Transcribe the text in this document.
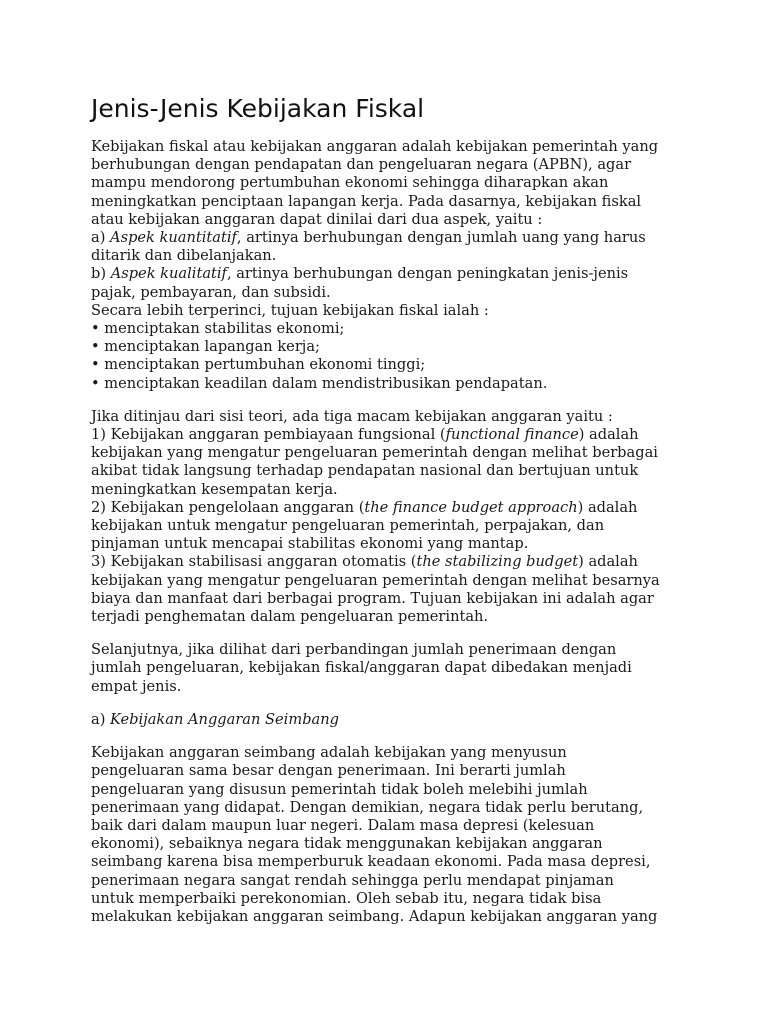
Jenis-Jenis Kebijakan Fiskal
Kebijakan fiskal atau kebijakan anggaran adalah kebijakan pemerintah yang
berhubungan dengan pendapatan dan pengeluaran negara (APBN), agar
mampu mendorong pertumbuhan ekonomi sehingga diharapkan akan
meningkatkan penciptaan lapangan kerja. Pada dasarnya, kebijakan fiskal
atau kebijakan anggaran dapat dinilai dari dua aspek, yaitu :
a) Aspek kuantitatif, artinya berhubungan dengan jumlah uang yang harus
ditarik dan dibelanjakan.
b) Aspek kualitatif, artinya berhubungan dengan peningkatan jenis-jenis
pajak, pembayaran, dan subsidi.
Secara lebih terperinci, tujuan kebijakan fiskal ialah :
• menciptakan stabilitas ekonomi;
• menciptakan lapangan kerja;
• menciptakan pertumbuhan ekonomi tinggi;
• menciptakan keadilan dalam mendistribusikan pendapatan.
Jika ditinjau dari sisi teori, ada tiga macam kebijakan anggaran yaitu :
1) Kebijakan anggaran pembiayaan fungsional (functional finance) adalah
kebijakan yang mengatur pengeluaran pemerintah dengan melihat berbagai
akibat tidak langsung terhadap pendapatan nasional dan bertujuan untuk
meningkatkan kesempatan kerja.
2) Kebijakan pengelolaan anggaran (the finance budget approach) adalah
kebijakan untuk mengatur pengeluaran pemerintah, perpajakan, dan
pinjaman untuk mencapai stabilitas ekonomi yang mantap.
3) Kebijakan stabilisasi anggaran otomatis (the stabilizing budget) adalah
kebijakan yang mengatur pengeluaran pemerintah dengan melihat besarnya
biaya dan manfaat dari berbagai program. Tujuan kebijakan ini adalah agar
terjadi penghematan dalam pengeluaran pemerintah.
Selanjutnya, jika dilihat dari perbandingan jumlah penerimaan dengan
jumlah pengeluaran, kebijakan fiskal/anggaran dapat dibedakan menjadi
empat jenis.
a) Kebijakan Anggaran Seimbang
Kebijakan anggaran seimbang adalah kebijakan yang menyusun
pengeluaran sama besar dengan penerimaan. Ini berarti jumlah
pengeluaran yang disusun pemerintah tidak boleh melebihi jumlah
penerimaan yang didapat. Dengan demikian, negara tidak perlu berutang,
baik dari dalam maupun luar negeri. Dalam masa depresi (kelesuan
ekonomi), sebaiknya negara tidak menggunakan kebijakan anggaran
seimbang karena bisa memperburuk keadaan ekonomi. Pada masa depresi,
penerimaan negara sangat rendah sehingga perlu mendapat pinjaman
untuk memperbaiki perekonomian. Oleh sebab itu, negara tidak bisa
melakukan kebijakan anggaran seimbang. Adapun kebijakan anggaran yang
